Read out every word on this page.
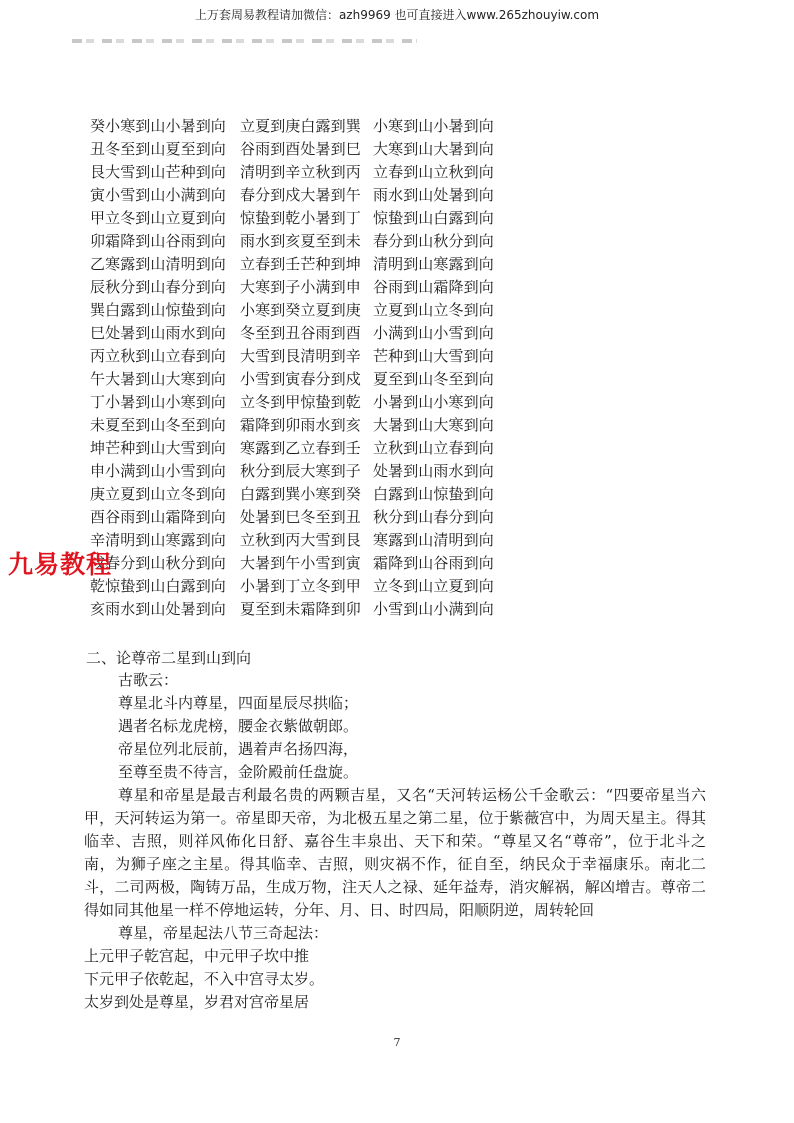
上万套周易教程请加微信：azh9969 也可直接进入www.265zhouyiw.com
癸小寒到山小暑到向 立夏到庚白露到巽 小寒到山小暑到向
丑冬至到山夏至到向 谷雨到酉处暑到巳 大寒到山大暑到向
艮大雪到山芒种到向 清明到辛立秋到丙 立春到山立秋到向
寅小雪到山小满到向 春分到戍大暑到午 雨水到山处暑到向
甲立冬到山立夏到向 惊蛰到乾小暑到丁 惊蛰到山白露到向
卯霜降到山谷雨到向 雨水到亥夏至到未 春分到山秋分到向
乙寒露到山清明到向 立春到壬芒种到坤 清明到山寒露到向
辰秋分到山春分到向 大寒到子小满到申 谷雨到山霜降到向
巽白露到山惊蛰到向 小寒到癸立夏到庚 立夏到山立冬到向
巳处暑到山雨水到向 冬至到丑谷雨到酉 小满到山小雪到向
丙立秋到山立春到向 大雪到艮清明到辛 芒种到山大雪到向
午大暑到山大寒到向 小雪到寅春分到戍 夏至到山冬至到向
丁小暑到山小寒到向 立冬到甲惊蛰到乾 小暑到山小寒到向
未夏至到山冬至到向 霜降到卯雨水到亥 大暑到山大寒到向
坤芒种到山大雪到向 寒露到乙立春到壬 立秋到山立春到向
申小满到山小雪到向 秋分到辰大寒到子 处暑到山雨水到向
庚立夏到山立冬到向 白露到巽小寒到癸 白露到山惊蛰到向
酉谷雨到山霜降到向 处暑到巳冬至到丑 秋分到山春分到向
辛清明到山寒露到向 立秋到丙大雪到艮 寒露到山清明到向
戍春分到山秋分到向 大暑到午小雪到寅 霜降到山谷雨到向
乾惊蛰到山白露到向 小暑到丁立冬到甲 立冬到山立夏到向
亥雨水到山处暑到向 夏至到未霜降到卯 小雪到山小满到向
九易教程
二、论尊帝二星到山到向
古歌云：
尊星北斗内尊星，四面星辰尽拱临；
遇者名标龙虎榜，腰金衣紫做朝郎。
帝星位列北辰前，遇着声名扬四海，
至尊至贵不待言，金阶殿前任盘旋。

尊星和帝星是最吉利最名贵的两颗吉星，又名“天河转运杨公千金歌云：“四要帝星当六甲，天河转运为第一。帝星即天帝，为北极五星之第二星，位于紫薇宫中，为周天星主。得其临幸、吉照，则祥风佈化日舒、嘉谷生丰泉出、天下和荣。“尊星又名“尊帝”，位于北斗之南，为狮子座之主星。得其临幸、吉照，则灾祸不作，征自至，纳民众于幸福康乐。南北二斗，二司两极，陶铸万品，生成万物，注天人之禄、延年益寿，消灾解祸，解凶增吉。尊帝二得如同其他星一样不停地运转，分年、月、日、时四局，阳顺阴逆，周转轮回

尊星，帝星起法八节三奇起法：
上元甲子乾宫起，中元甲子坎中推
下元甲子依乾起，不入中宫寻太岁。
太岁到处是尊星，岁君对宫帝星居
7
